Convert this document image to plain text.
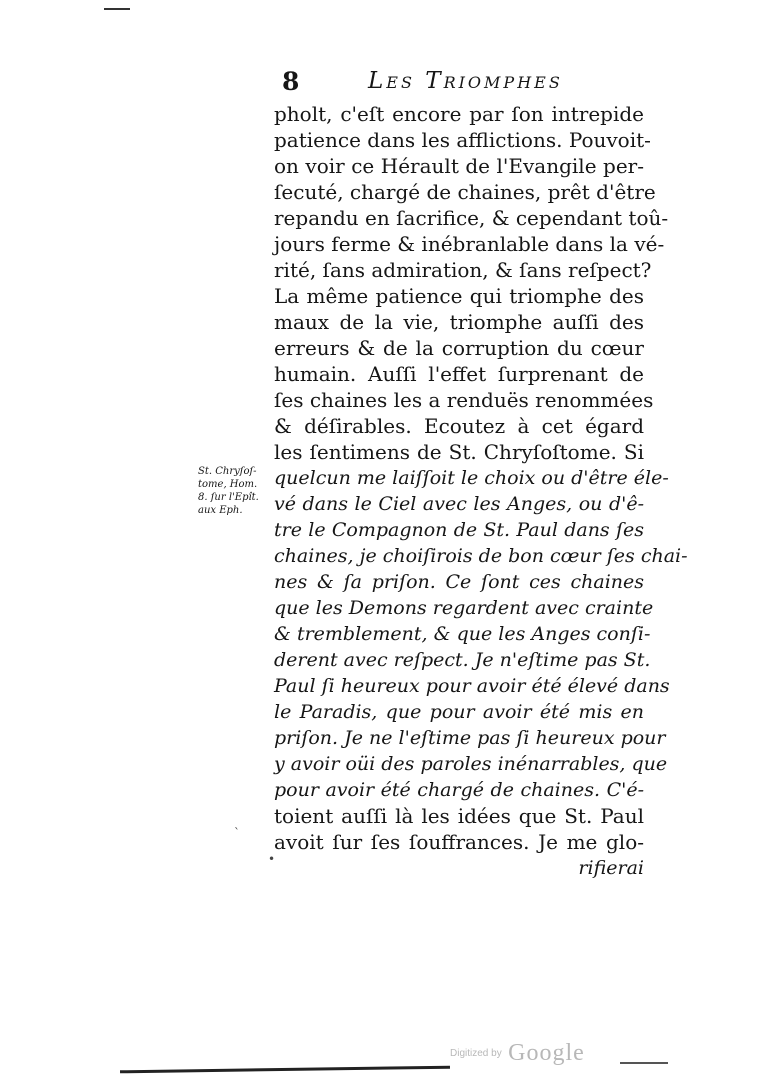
8	Les Triomphes
St. Chryſoſ-
tome, Hom.
8. ſur l'Epît.
aux Eph.
pholt, c'eſt encore par ſon intrepide
patience dans les afflictions. Pouvoit-
on voir ce Hérault de l'Evangile per-
ſecuté, chargé de chaines, prêt d'être
repandu en ſacrifice, & cependant toû-
jours ferme & inébranlable dans la vé-
rité, ſans admiration, & ſans reſpect?
La même patience qui triomphe des
maux de la vie, triomphe auſſi des
erreurs & de la corruption du cœur
humain. Auſſi l'effet ſurprenant de
ſes chaines les a renduës renommées
& déſirables. Ecoutez à cet égard
les ſentimens de St. Chryſoſtome. Si
quelcun me laiſſoit le choix ou d'être éle-
vé dans le Ciel avec les Anges, ou d'ê-
tre le Compagnon de St. Paul dans ſes
chaines, je choiſirois de bon cœur ſes chai-
nes & ſa priſon. Ce ſont ces chaines
que les Demons regardent avec crainte
& tremblement, & que les Anges conſi-
derent avec reſpect. Je n'eſtime pas St.
Paul ſi heureux pour avoir été élevé dans
le Paradis, que pour avoir été mis en
priſon. Je ne l'eſtime pas ſi heureux pour
y avoir oüi des paroles inénarrables, que
pour avoir été chargé de chaines. C'é-
toient auſſi là les idées que St. Paul
avoit ſur ſes ſouffrances. Je me glo-
rifierai
ˋ
•
Digitized by Google
